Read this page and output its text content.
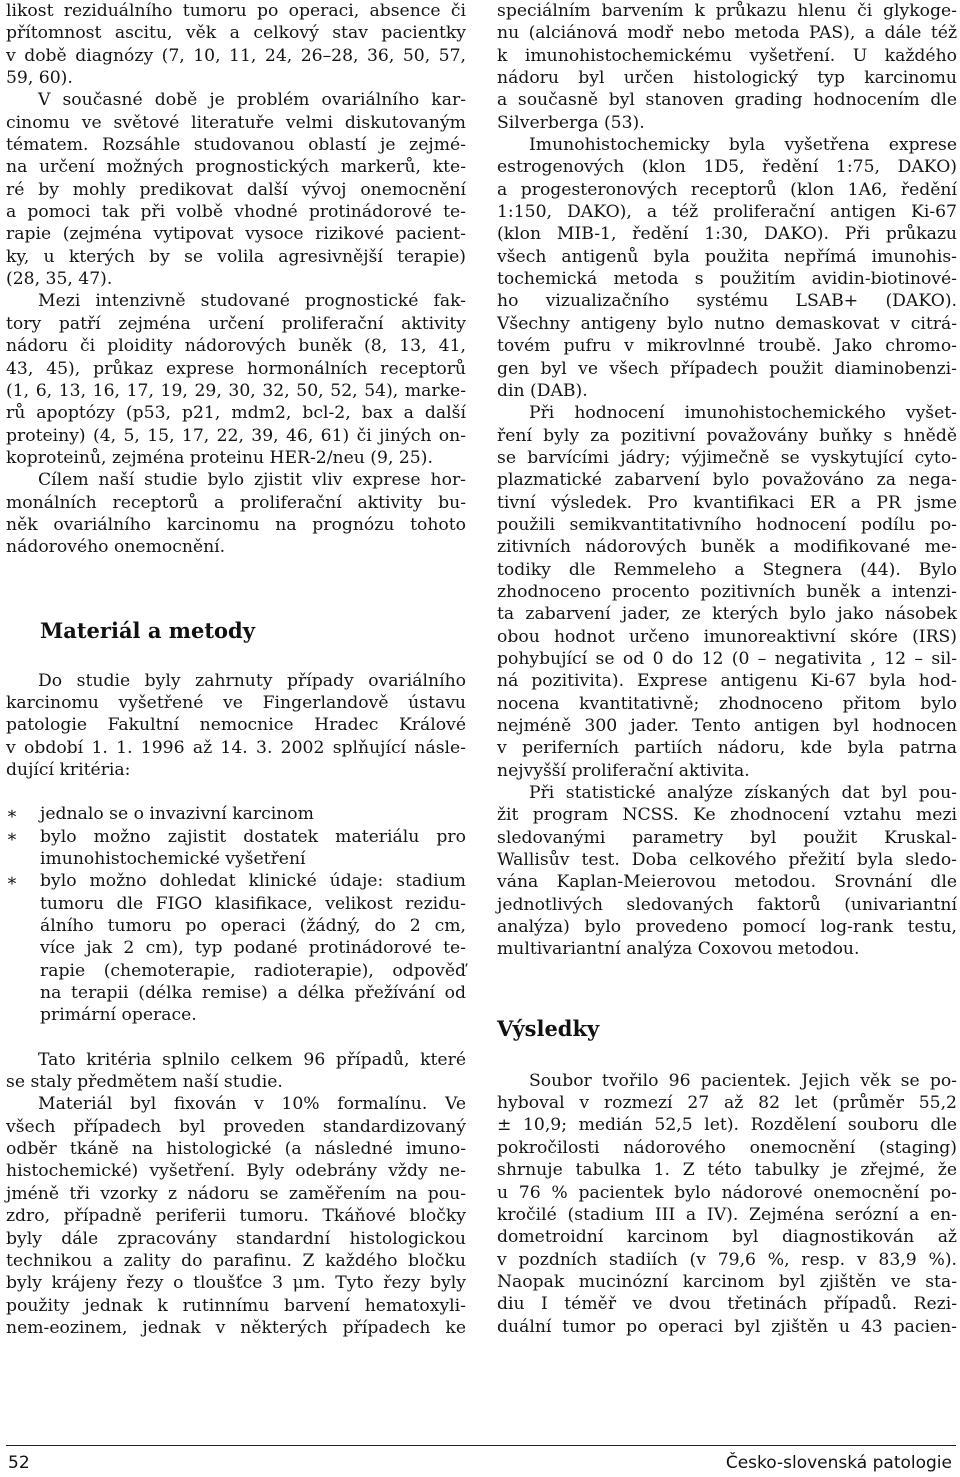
likost reziduálního tumoru po operaci, absence či
přítomnost ascitu, věk a celkový stav pacientky
v době diagnózy (7, 10, 11, 24, 26–28, 36, 50, 57,
59, 60).
V současné době je problém ovariálního kar-
cinomu ve světové literatuře velmi diskutovaným
tématem. Rozsáhle studovanou oblastí je zejmé-
na určení možných prognostických markerů, kte-
ré by mohly predikovat další vývoj onemocnění
a pomoci tak při volbě vhodné protinádorové te-
rapie (zejména vytipovat vysoce rizikové pacient-
ky, u kterých by se volila agresivnější terapie)
(28, 35, 47).
Mezi intenzivně studované prognostické fak-
tory patří zejména určení proliferační aktivity
nádoru či ploidity nádorových buněk (8, 13, 41,
43, 45), průkaz exprese hormonálních receptorů
(1, 6, 13, 16, 17, 19, 29, 30, 32, 50, 52, 54), marke-
rů apoptózy (p53, p21, mdm2, bcl-2, bax a další
proteiny) (4, 5, 15, 17, 22, 39, 46, 61) či jiných on-
koproteinů, zejména proteinu HER-2/neu (9, 25).
Cílem naší studie bylo zjistit vliv exprese hor-
monálních receptorů a proliferační aktivity bu-
něk ovariálního karcinomu na prognózu tohoto
nádorového onemocnění.
Materiál a metody
Do studie byly zahrnuty případy ovariálního
karcinomu vyšetřené ve Fingerlandově ústavu
patologie Fakultní nemocnice Hradec Králové
v období 1. 1. 1996 až 14. 3. 2002 splňující násle-
dující kritéria:
∗ jednalo se o invazivní karcinom
∗ bylo možno zajistit dostatek materiálu pro
imunohistochemické vyšetření
∗ bylo možno dohledat klinické údaje: stadium
tumoru dle FIGO klasifikace, velikost rezidu-
álního tumoru po operaci (žádný, do 2 cm,
více jak 2 cm), typ podané protinádorové te-
rapie (chemoterapie, radioterapie), odpověď
na terapii (délka remise) a délka přežívání od
primární operace.
Tato kritéria splnilo celkem 96 případů, které
se staly předmětem naší studie.
Materiál byl fixován v 10% formalínu. Ve
všech případech byl proveden standardizovaný
odběr tkáně na histologické (a následné imuno-
histochemické) vyšetření. Byly odebrány vždy ne-
jméně tři vzorky z nádoru se zaměřením na pou-
zdro, případně periferii tumoru. Tkáňové bločky
byly dále zpracovány standardní histologickou
technikou a zality do parafinu. Z každého bločku
byly krájeny řezy o tloušťce 3 μm. Tyto řezy byly
použity jednak k rutinnímu barvení hematoxyli-
nem-eozinem, jednak v některých případech ke
speciálním barvením k průkazu hlenu či glykoge-
nu (alciánová modř nebo metoda PAS), a dále též
k imunohistochemickému vyšetření. U každého
nádoru byl určen histologický typ karcinomu
a současně byl stanoven grading hodnocením dle
Silverberga (53).
Imunohistochemicky byla vyšetřena exprese
estrogenových (klon 1D5, ředění 1:75, DAKO)
a progesteronových receptorů (klon 1A6, ředění
1:150, DAKO), a též proliferační antigen Ki-67
(klon MIB-1, ředění 1:30, DAKO). Při průkazu
všech antigenů byla použita nepřímá imunohis-
tochemická metoda s použitím avidin-biotinové-
ho vizualizačního systému LSAB+ (DAKO).
Všechny antigeny bylo nutno demaskovat v citrá-
tovém pufru v mikrovlnné troubě. Jako chromo-
gen byl ve všech případech použit diaminobenzi-
din (DAB).
Při hodnocení imunohistochemického vyšet-
ření byly za pozitivní považovány buňky s hnědě
se barvícími jádry; výjimečně se vyskytující cyto-
plazmatické zabarvení bylo považováno za nega-
tivní výsledek. Pro kvantifikaci ER a PR jsme
použili semikvantitativního hodnocení podílu po-
zitivních nádorových buněk a modifikované me-
todiky dle Remmeleho a Stegnera (44). Bylo
zhodnoceno procento pozitivních buněk a intenzi-
ta zabarvení jader, ze kterých bylo jako násobek
obou hodnot určeno imunoreaktivní skóre (IRS)
pohybující se od 0 do 12 (0 – negativita , 12 – sil-
ná pozitivita). Exprese antigenu Ki-67 byla hod-
nocena kvantitativně; zhodnoceno přitom bylo
nejméně 300 jader. Tento antigen byl hodnocen
v periferních partiích nádoru, kde byla patrna
nejvyšší proliferační aktivita.
Při statistické analýze získaných dat byl pou-
žit program NCSS. Ke zhodnocení vztahu mezi
sledovanými parametry byl použit Kruskal-
Wallisův test. Doba celkového přežití byla sledo-
vána Kaplan-Meierovou metodou. Srovnání dle
jednotlivých sledovaných faktorů (univariantní
analýza) bylo provedeno pomocí log-rank testu,
multivariantní analýza Coxovou metodou.
Výsledky
Soubor tvořilo 96 pacientek. Jejich věk se po-
hyboval v rozmezí 27 až 82 let (průměr 55,2
± 10,9; medián 52,5 let). Rozdělení souboru dle
pokročilosti nádorového onemocnění (staging)
shrnuje tabulka 1. Z této tabulky je zřejmé, že
u 76 % pacientek bylo nádorové onemocnění po-
kročilé (stadium III a IV). Zejména serózní a en-
dometroidní karcinom byl diagnostikován až
v pozdních stadiích (v 79,6 %, resp. v 83,9 %).
Naopak mucinózní karcinom byl zjištěn ve sta-
diu I téměř ve dvou třetinách případů. Rezi-
duální tumor po operaci byl zjištěn u 43 pacien-
52	Česko-slovenská patologie
